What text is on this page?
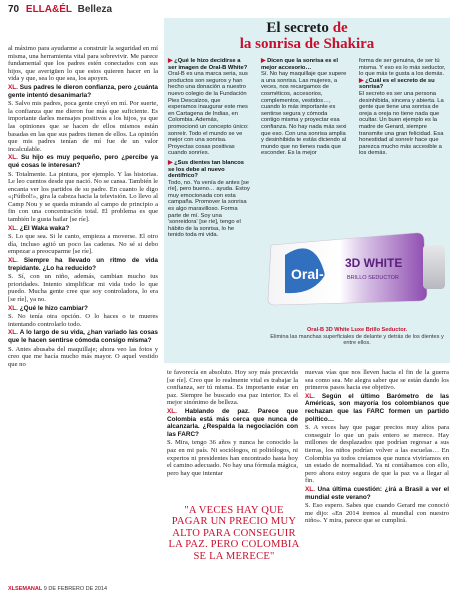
70 ELLA&ÉL Belleza

al máximo para ayudarme a construir la seguridad en mí misma, una herramienta vital para sobrevivir. Me parece fundamental que los padres estén conectados con sus hijos, que averigüen lo que estos quieren hacer en la vida y que, sea lo que sea, los apoyen.

XL. Sus padres le dieron confianza, pero ¿cuánta gente intentó desanimarla?

S. Salvo mis padres, poca gente creyó en mí. Por suerte, la confianza que me dieron fue más que suficiente. Es importante darles mensajes positivos a los hijos, ya que las opiniones que se hacen de ellos mismos están basadas en las que sus padres tienen de ellos. La opinión que mis padres tenían de mí fue de un valor incalculable.

XL. Su hijo es muy pequeño, pero ¿percibe ya qué cosas le interesan?

S. Totalmente. La pintura, por ejemplo. Y las historias. Le leo cuentos desde que nació. No se cansa. También le encanta ver los partidos de su padre. En cuanto le digo «¡Fútbol!», gira la cabeza hacia la televisión. Lo llevo al Camp Nou y se queda mirando al campo de principio a fin con una concentración total. El problema es que también le gusta bailar [se ríe].

XL. ¿El Waka waka?

S. Lo que sea. Si le canto, empieza a moverse. El otro día, incluso agitó un poco las caderas. No sé si debo empezar a preocuparme [se ríe].

XL. Siempre ha llevado un ritmo de vida trepidante. ¿Lo ha reducido?

S. Sí, con un niño, además, cambian mucho tus prioridades. Intento simplificar mi vida todo lo que puedo. Mucha gente cree que soy controladora, lo era [se ríe], ya no.

XL. ¿Qué le hizo cambiar?

S. No tenía otra opción. O lo haces o te mueres intentando controlarlo todo.

XL. A lo largo de su vida, ¿han variado las cosas que le hacen sentirse cómoda consigo misma?

S. Antes abusaba del maquillaje; ahora veo las fotos y creo que me hacía mucho más mayor. O aquel vestido que no

El secreto de
la sonrisa de Shakira
▶ ¿Qué le hizo decidirse a ser imagen de Oral-B White?
Oral-B es una marca seria, sus productos son seguros y han hecho una donación a nuestro nuevo colegio de la Fundación Pies Descalzos, que esperamos inaugurar este mes en Cartagena de Indias, en Colombia. Además, promocionó un concepto único: sonreír. Todo el mundo se ve mejor con una sonrisa. Proyectas cosas positivas cuando sonríes.
▶ ¿Sus dientes tan blancos se los debe al nuevo dentífrico?
Todo, no. Ya venía de antes [se ríe], pero bueno… ayuda. Estoy muy emocionada con esta campaña. Promover la sonrisa es algo maravilloso. Forma parte de mí. Soy una 'sonreidora' [se ríe], tengo el hábito de la sonrisa, lo he tenido toda mi vida.
▶ Dicen que la sonrisa es el mejor accesorio…
Sí. No hay maquillaje que supere a una sonrisa. Las mujeres, a veces, nos recargamos de cosméticos, accesorios, complementos, vestidos…, cuando lo más importante es sentirse segura y cómoda contigo misma y proyectar esa confianza. No hay nada más sexi que eso. Con una sonrisa amplia y desinhibida te estás diciendo al mundo que no tienes nada que esconder. Es la mejor
forma de ser genuina, de ser tú misma. Y eso es lo más seductor, lo que más te gusta a los demás.
▶ ¿Cuál es el secreto de su sonrisa?
El secreto es ser una persona desinhibida, sincera y abierta. La gente que tiene una sonrisa de oreja a oreja no tiene nada que ocultar. Un buen ejemplo es la madre de Gerard, siempre transmite una gran felicidad. Esa honestidad al sonreír hace que parezca mucho más accesible a los demás.
Oral-B
3D WHITE
BRILLO SEDUCTOR
Oral-B 3D White Luxe Brillo Seductor.
Elimina las manchas superficiales de delante y detrás de los dientes y entre ellos.

te favorecía en absoluto. Hoy soy más precavida [se ríe]. Creo que lo realmente vital es trabajar la confianza, ser tú misma. Es importante estar en paz. Siempre he buscado esa paz interior. Es el mejor sinónimo de belleza.

XL. Hablando de paz. Parece que Colombia está más cerca que nunca de alcanzarla. ¿Respalda la negociación con las FARC?

S. Mira, tengo 36 años y nunca he conocido la paz en mi país. Ni sociólogos, ni politólogos, ni expertos ni presidentes han encontrado hasta hoy el camino adecuado. No hay una fórmula mágica, pero hay que intentar

"A VECES HAY QUE PAGAR UN PRECIO MUY ALTO PARA CONSEGUIR LA PAZ. PERO COLOMBIA SE LA MERECE"

nuevas vías que nos lleven hacia el fin de la guerra sea como sea. Me alegra saber que se están dando los primeros pasos hacia ese objetivo.

XL. Según el último Barómetro de las Américas, son mayoría los colombianos que rechazan que las FARC formen un partido político…

S. A veces hay que pagar precios muy altos para conseguir lo que un país entero se merece. Hay millones de desplazados que podrían regresar a sus tierras, los niños podrían volver a las escuelas… En Colombia ya todos creíamos que nunca viviríamos en un estado de normalidad. Ya ni contábamos con ello, pero ahora estoy segura de que la paz va a llegar al fin.

XL. Una última cuestión: ¿irá a Brasil a ver el mundial este verano?

S. Eso espero. Sabes que cuando Gerard me conoció me dijo: «En 2014 iremos al mundial con nuestro niño». Y mira, parece que se cumplirá.

XLSEMANAL 9 DE FEBRERO DE 2014
